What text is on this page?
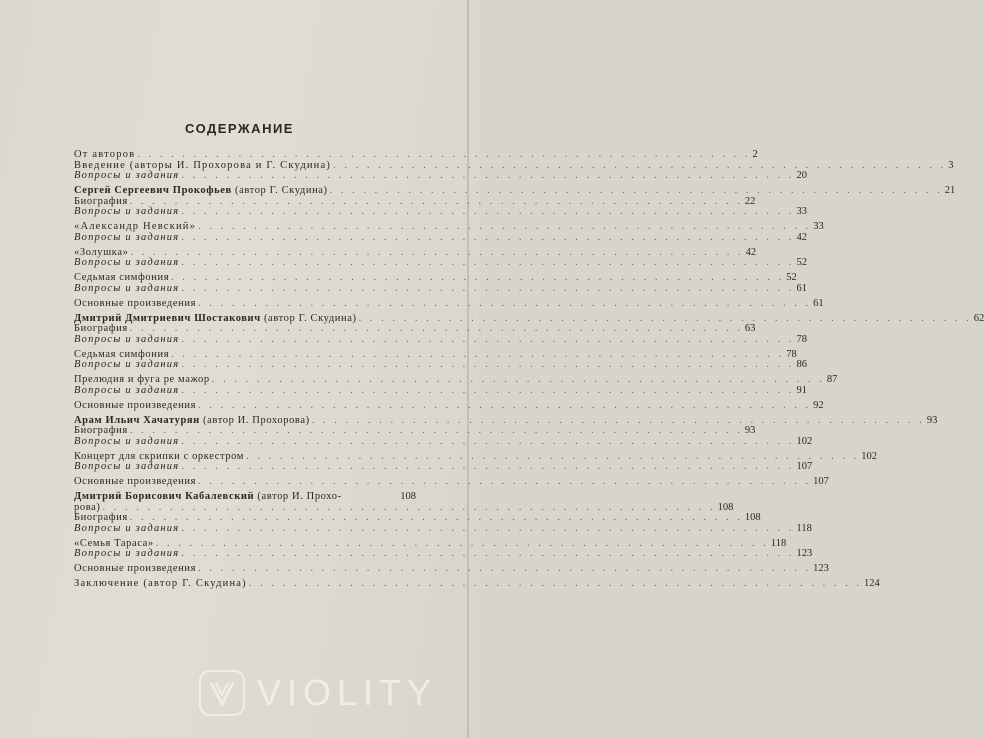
СОДЕРЖАНИЕ
От авторов . . . . . . . . . . . . . . . . . . . . . . . . . . . . . . . . . . . . . . . . . . . . . . . . . . . . . . . 2
Введение (авторы И. Прохорова и Г. Скудина) . . . . . . . . . . . . . . . . . . . . . . . . . . . . . . . . . . . . . . . . . . . . . . . . . . . . . . . 3
Вопросы и задания . . . . . . . . . . . . . . . . . . . . . . . . . . . . . . . . . . . . . . . . . . . . . . . . . . . . . . . 20
Сергей Сергеевич Прокофьев (автор Г. Скудина) . . . . . . . . . . . . . . . . . . . . . . . . . . . . . . . . . . . . . . . . . . . . . . . . . . . . . . . 21
Биография . . . . . . . . . . . . . . . . . . . . . . . . . . . . . . . . . . . . . . . . . . . . . . . . . . . . . . . 22
Вопросы и задания . . . . . . . . . . . . . . . . . . . . . . . . . . . . . . . . . . . . . . . . . . . . . . . . . . . . . . . 33
«Александр Невский» . . . . . . . . . . . . . . . . . . . . . . . . . . . . . . . . . . . . . . . . . . . . . . . . . . . . . . . 33
Вопросы и задания . . . . . . . . . . . . . . . . . . . . . . . . . . . . . . . . . . . . . . . . . . . . . . . . . . . . . . . 42
«Золушка» . . . . . . . . . . . . . . . . . . . . . . . . . . . . . . . . . . . . . . . . . . . . . . . . . . . . . . . 42
Вопросы и задания . . . . . . . . . . . . . . . . . . . . . . . . . . . . . . . . . . . . . . . . . . . . . . . . . . . . . . . 52
Седьмая симфония . . . . . . . . . . . . . . . . . . . . . . . . . . . . . . . . . . . . . . . . . . . . . . . . . . . . . . . 52
Вопросы и задания . . . . . . . . . . . . . . . . . . . . . . . . . . . . . . . . . . . . . . . . . . . . . . . . . . . . . . . 61
Основные произведения . . . . . . . . . . . . . . . . . . . . . . . . . . . . . . . . . . . . . . . . . . . . . . . . . . . . . . . 61
Дмитрий Дмитриевич Шостакович (автор Г. Скудина) . . . . . . . . . . . . . . . . . . . . . . . . . . . . . . . . . . . . . . . . . . . . . . . . . . . . . . . 62
Биография . . . . . . . . . . . . . . . . . . . . . . . . . . . . . . . . . . . . . . . . . . . . . . . . . . . . . . . 63
Вопросы и задания . . . . . . . . . . . . . . . . . . . . . . . . . . . . . . . . . . . . . . . . . . . . . . . . . . . . . . . 78
Седьмая симфония . . . . . . . . . . . . . . . . . . . . . . . . . . . . . . . . . . . . . . . . . . . . . . . . . . . . . . . 78
Вопросы и задания . . . . . . . . . . . . . . . . . . . . . . . . . . . . . . . . . . . . . . . . . . . . . . . . . . . . . . . 86
Прелюдия и фуга ре мажор . . . . . . . . . . . . . . . . . . . . . . . . . . . . . . . . . . . . . . . . . . . . . . . . . . . . . . . 87
Вопросы и задания . . . . . . . . . . . . . . . . . . . . . . . . . . . . . . . . . . . . . . . . . . . . . . . . . . . . . . . 91
Основные произведения . . . . . . . . . . . . . . . . . . . . . . . . . . . . . . . . . . . . . . . . . . . . . . . . . . . . . . . 92
Арам Ильич Хачатурян (автор И. Прохорова) . . . . . . . . . . . . . . . . . . . . . . . . . . . . . . . . . . . . . . . . . . . . . . . . . . . . . . . 93
Биография . . . . . . . . . . . . . . . . . . . . . . . . . . . . . . . . . . . . . . . . . . . . . . . . . . . . . . . 93
Вопросы и задания . . . . . . . . . . . . . . . . . . . . . . . . . . . . . . . . . . . . . . . . . . . . . . . . . . . . . . . 102
Концерт для скрипки с оркестром . . . . . . . . . . . . . . . . . . . . . . . . . . . . . . . . . . . . . . . . . . . . . . . . . . . . . . . 102
Вопросы и задания . . . . . . . . . . . . . . . . . . . . . . . . . . . . . . . . . . . . . . . . . . . . . . . . . . . . . . . 107
Основные произведения . . . . . . . . . . . . . . . . . . . . . . . . . . . . . . . . . . . . . . . . . . . . . . . . . . . . . . . 107
Дмитрий Борисович Кабалевский (автор И. Прохо-	108
рова) . . . . . . . . . . . . . . . . . . . . . . . . . . . . . . . . . . . . . . . . . . . . . . . . . . . . . . . 108
Биография . . . . . . . . . . . . . . . . . . . . . . . . . . . . . . . . . . . . . . . . . . . . . . . . . . . . . . . 108
Вопросы и задания . . . . . . . . . . . . . . . . . . . . . . . . . . . . . . . . . . . . . . . . . . . . . . . . . . . . . . . 118
«Семья Тараса» . . . . . . . . . . . . . . . . . . . . . . . . . . . . . . . . . . . . . . . . . . . . . . . . . . . . . . . 118
Вопросы и задания . . . . . . . . . . . . . . . . . . . . . . . . . . . . . . . . . . . . . . . . . . . . . . . . . . . . . . . 123
Основные произведения . . . . . . . . . . . . . . . . . . . . . . . . . . . . . . . . . . . . . . . . . . . . . . . . . . . . . . . 123
Заключение (автор Г. Скудина) . . . . . . . . . . . . . . . . . . . . . . . . . . . . . . . . . . . . . . . . . . . . . . . . . . . . . . . 124
VIOLITY
